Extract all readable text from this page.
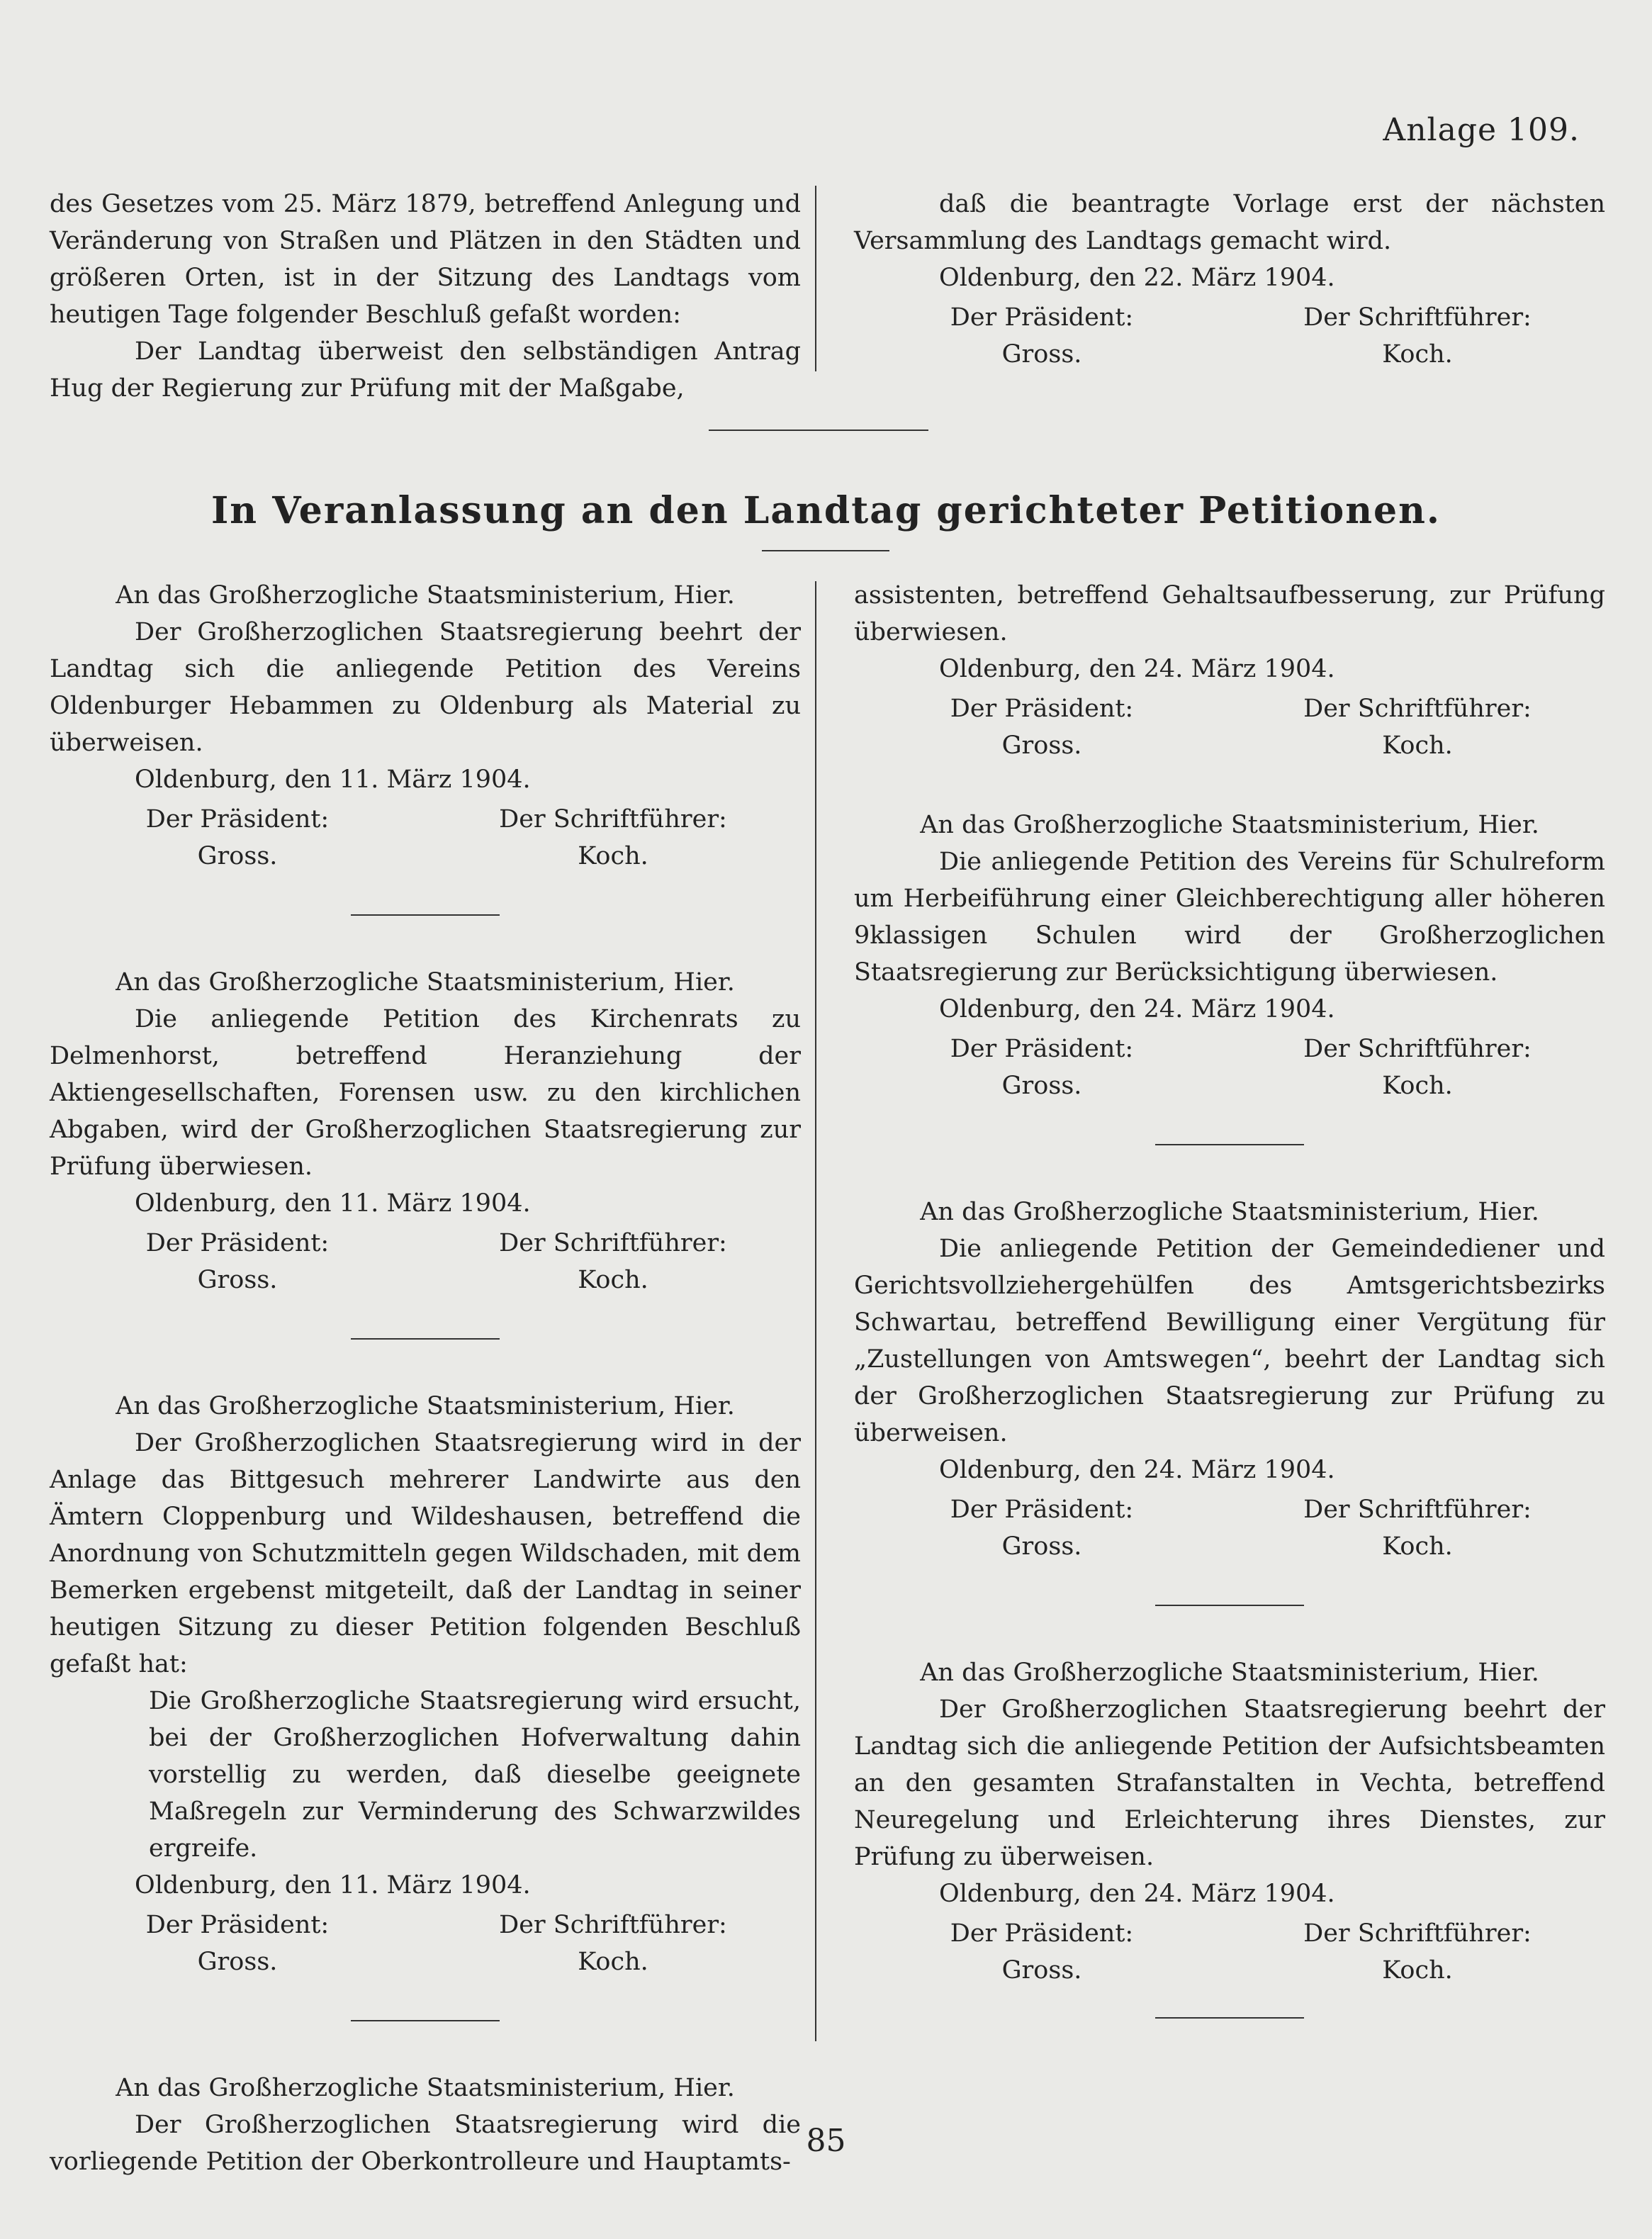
Anlage 109.

des Gesetzes vom 25. März 1879, betreffend Anlegung und Veränderung von Straßen und Plätzen in den Städten und größeren Orten, ist in der Sitzung des Landtags vom heutigen Tage folgender Beschluß gefaßt worden:

Der Landtag überweist den selbständigen Antrag Hug der Regierung zur Prüfung mit der Maßgabe,

daß die beantragte Vorlage erst der nächsten Versammlung des Landtags gemacht wird.

Oldenburg, den 22. März 1904.

Der Präsident:	Der Schriftführer:
Gross.	Koch.
In Veranlassung an den Landtag gerichteter Petitionen.

An das Großherzogliche Staatsministerium, Hier.

Der Großherzoglichen Staatsregierung beehrt der Landtag sich die anliegende Petition des Vereins Oldenburger Hebammen zu Oldenburg als Material zu überweisen.

Oldenburg, den 11. März 1904.

Der Präsident:	Der Schriftführer:
Gross.	Koch.

An das Großherzogliche Staatsministerium, Hier.

Die anliegende Petition des Kirchenrats zu Delmenhorst, betreffend Heranziehung der Aktiengesellschaften, Forensen usw. zu den kirchlichen Abgaben, wird der Großherzoglichen Staatsregierung zur Prüfung überwiesen.

Oldenburg, den 11. März 1904.

Der Präsident:	Der Schriftführer:
Gross.	Koch.

An das Großherzogliche Staatsministerium, Hier.

Der Großherzoglichen Staatsregierung wird in der Anlage das Bittgesuch mehrerer Landwirte aus den Ämtern Cloppenburg und Wildeshausen, betreffend die Anordnung von Schutzmitteln gegen Wildschaden, mit dem Bemerken ergebenst mitgeteilt, daß der Landtag in seiner heutigen Sitzung zu dieser Petition folgenden Beschluß gefaßt hat:

Die Großherzogliche Staatsregierung wird ersucht, bei der Großherzoglichen Hofverwaltung dahin vorstellig zu werden, daß dieselbe geeignete Maßregeln zur Verminderung des Schwarzwildes ergreife.

Oldenburg, den 11. März 1904.

Der Präsident:	Der Schriftführer:
Gross.	Koch.

An das Großherzogliche Staatsministerium, Hier.

Der Großherzoglichen Staatsregierung wird die vorliegende Petition der Oberkontrolleure und Hauptamts-

assistenten, betreffend Gehaltsaufbesserung, zur Prüfung überwiesen.

Oldenburg, den 24. März 1904.

Der Präsident:	Der Schriftführer:
Gross.	Koch.

An das Großherzogliche Staatsministerium, Hier.

Die anliegende Petition des Vereins für Schulreform um Herbeiführung einer Gleichberechtigung aller höheren 9klassigen Schulen wird der Großherzoglichen Staatsregierung zur Berücksichtigung überwiesen.

Oldenburg, den 24. März 1904.

Der Präsident:	Der Schriftführer:
Gross.	Koch.

An das Großherzogliche Staatsministerium, Hier.

Die anliegende Petition der Gemeindediener und Gerichtsvollziehergehülfen des Amtsgerichtsbezirks Schwartau, betreffend Bewilligung einer Vergütung für „Zustellungen von Amtswegen“, beehrt der Landtag sich der Großherzoglichen Staatsregierung zur Prüfung zu überweisen.

Oldenburg, den 24. März 1904.

Der Präsident:	Der Schriftführer:
Gross.	Koch.

An das Großherzogliche Staatsministerium, Hier.

Der Großherzoglichen Staatsregierung beehrt der Landtag sich die anliegende Petition der Aufsichtsbeamten an den gesamten Strafanstalten in Vechta, betreffend Neuregelung und Erleichterung ihres Dienstes, zur Prüfung zu überweisen.

Oldenburg, den 24. März 1904.

Der Präsident:	Der Schriftführer:
Gross.	Koch.
85
